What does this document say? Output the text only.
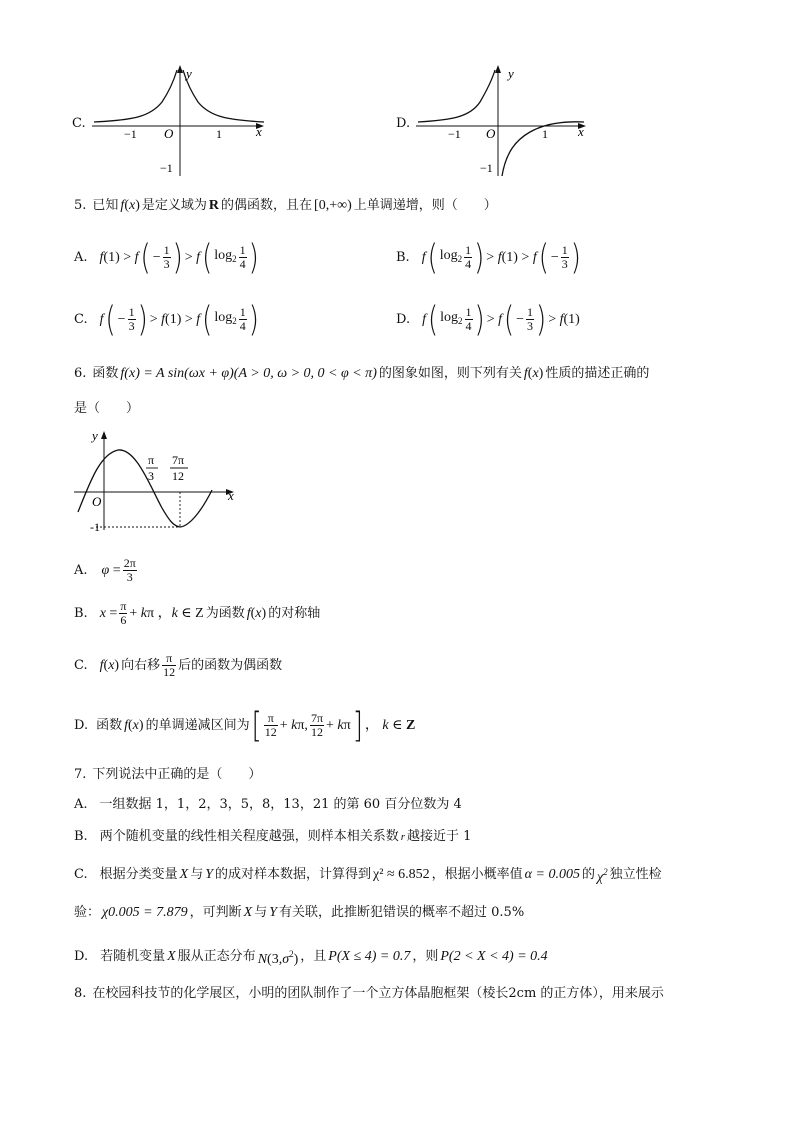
C.
x
y
O
−1	1
−1
D.
x
y
O
−1	1
−1
5. 已知 f(x) 是定义域为 R 的偶函数，且在 [0,+∞) 上单调递增，则（　　）
A. f(1) > f ( − $\frac{1}{3}$ ) > f ( $\log_2 \frac{1}{4}$ )	B. f ( $\log_2 \frac{1}{4}$ ) > f(1) > f ( − $\frac{1}{3}$ )
C. f ( − $\frac{1}{3}$ ) > f(1) > f ( $\log_2 \frac{1}{4}$ )	D. f ( $\log_2 \frac{1}{4}$ ) > f ( − $\frac{1}{3}$ ) > f(1)
6. 函数 f(x) = A sin(ωx + φ)(A > 0, ω > 0, 0 < φ < π) 的图象如图，则下列有关 f(x) 性质的描述正确的
是（　　）
x
y
O
-1
π
3
7π
12
A. $\varphi = \frac{2\pi}{3}$
B. $x = \frac{\pi}{6} + k\pi$ ，k ∈ Z 为函数 f(x) 的对称轴
C. f(x) 向右移 $\frac{\pi}{12}$ 后的函数为偶函数
D. 函数 f(x) 的单调递减区间为 [ $\frac{\pi}{12} + k\pi$, $\frac{7\pi}{12} + k\pi$ ] ， k ∈ Z
7. 下列说法中正确的是（　　）
A. 一组数据 1，1，2，3，5，8，13，21 的第 60 百分位数为 4
B. 两个随机变量的线性相关程度越强，则样本相关系数 r 越接近于 1
C. 根据分类变量 X 与 Y 的成对样本数据，计算得到 χ² ≈ 6.852 ，根据小概率值 α = 0.005 的 $\chi^2$ 独立性检
验： χ0.005 = 7.879 ，可判断 X 与 Y 有关联，此推断犯错误的概率不超过 0.5%
D. 若随机变量 X 服从正态分布 $N(3,\sigma^2)$ ，且 P(X ≤ 4) = 0.7 ，则 P(2 < X < 4) = 0.4
8. 在校园科技节的化学展区，小明的团队制作了一个立方体晶胞框架（棱长2cm 的正方体），用来展示
